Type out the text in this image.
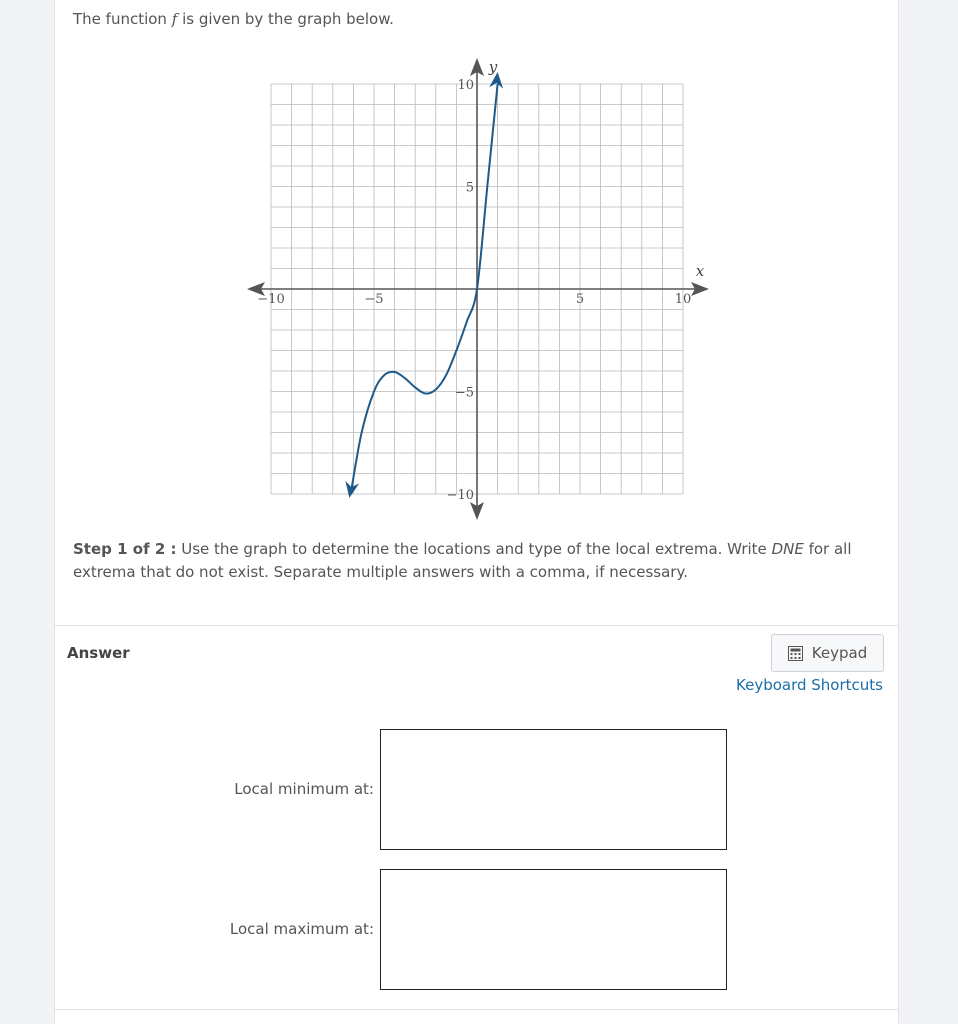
The function f is given by the graph below.
−10	−5	5	10
10
5
−5
−10
x
y
Step 1 of 2 : Use the graph to determine the locations and type of the local extrema. Write DNE for all extrema that do not exist. Separate multiple answers with a comma, if necessary.
Answer	Keypad
Keyboard Shortcuts
Local minimum at:
Local maximum at:
